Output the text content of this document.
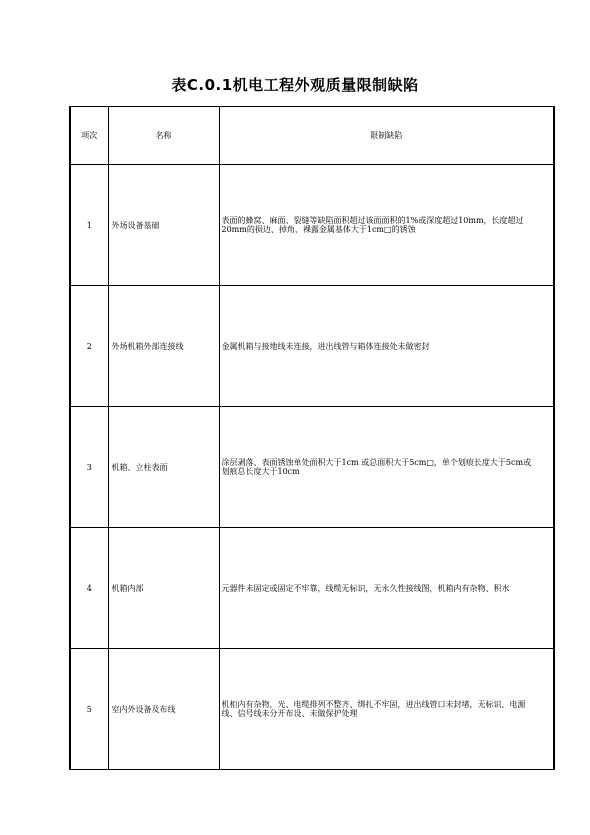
表C.0.1机电工程外观质量限制缺陷
项次	名称	限制缺陷
1	外场设备基础	表面的蜂窝、麻面、裂缝等缺陷面积超过该面面积的1%或深度超过10mm，长度超过20mm的损边、掉角，裸露金属基体大于1cm□的锈蚀
2	外场机箱外部连接线	金属机箱与接地线未连接，进出线管与箱体连接处未做密封
3	机箱、立柱表面	涂层剥落、表面锈蚀单处面积大于1cm 或总面积大于5cm□，单个划痕长度大于5cm或划痕总长度大于10cm
4	机箱内部	元器件未固定或固定不牢靠，线缆无标识，无永久性接线图，机箱内有杂物、积水
5	室内外设备及布线	机柜内有杂物，光、电缆排列不整齐、绑扎不牢固，进出线管口未封堵，无标识，电源线、信号线未分开布设、未做保护处理
